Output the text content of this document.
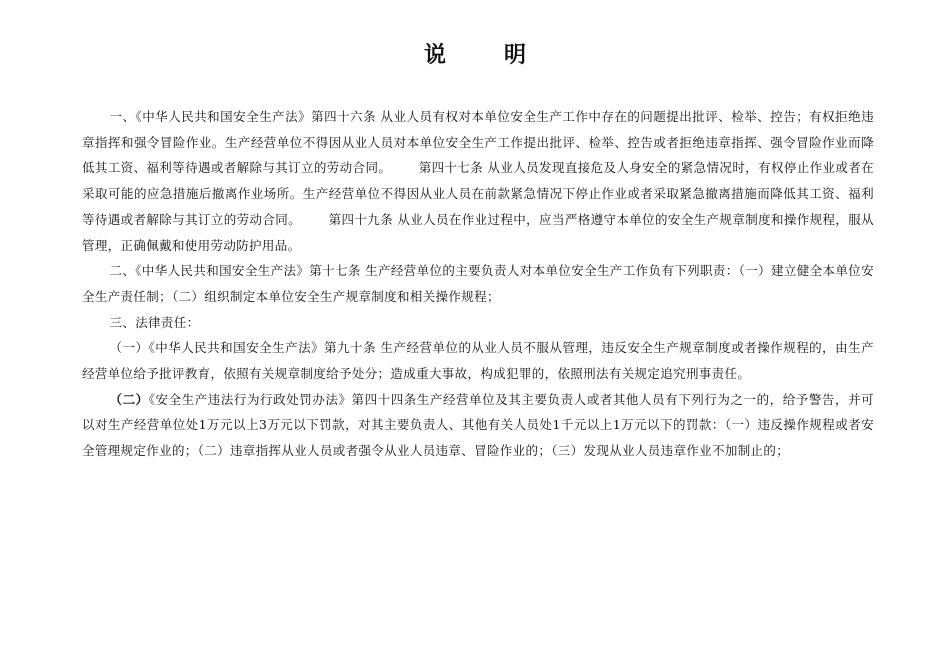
说　明

一、《中华人民共和国安全生产法》第四十六条 从业人员有权对本单位安全生产工作中存在的问题提出批评、检举、控告；有权拒绝违章指挥和强令冒险作业。生产经营单位不得因从业人员对本单位安全生产工作提出批评、检举、控告或者拒绝违章指挥、强令冒险作业而降低其工资、福利等待遇或者解除与其订立的劳动合同。 第四十七条 从业人员发现直接危及人身安全的紧急情况时，有权停止作业或者在采取可能的应急措施后撤离作业场所。生产经营单位不得因从业人员在前款紧急情况下停止作业或者采取紧急撤离措施而降低其工资、福利等待遇或者解除与其订立的劳动合同。 第四十九条 从业人员在作业过程中，应当严格遵守本单位的安全生产规章制度和操作规程，服从管理，正确佩戴和使用劳动防护用品。

二、《中华人民共和国安全生产法》第十七条 生产经营单位的主要负责人对本单位安全生产工作负有下列职责：（一）建立健全本单位安全生产责任制；（二）组织制定本单位安全生产规章制度和相关操作规程；

三、法律责任：

（一）《中华人民共和国安全生产法》第九十条 生产经营单位的从业人员不服从管理，违反安全生产规章制度或者操作规程的，由生产经营单位给予批评教育，依照有关规章制度给予处分；造成重大事故，构成犯罪的，依照刑法有关规定追究刑事责任。

（二）《安全生产违法行为行政处罚办法》第四十四条生产经营单位及其主要负责人或者其他人员有下列行为之一的，给予警告，并可以对生产经营单位处1万元以上3万元以下罚款，对其主要负责人、其他有关人员处1千元以上1万元以下的罚款：（一）违反操作规程或者安全管理规定作业的；（二）违章指挥从业人员或者强令从业人员违章、冒险作业的；（三）发现从业人员违章作业不加制止的；
